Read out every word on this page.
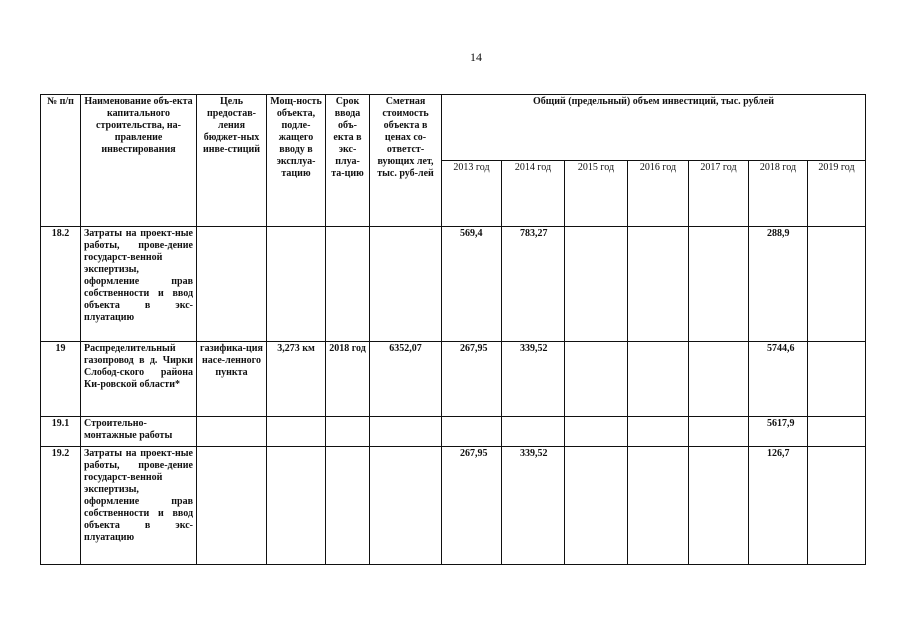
14
№ п/п	Наименование объ-екта капитального строительства, на-правление инвестирования	Цель предостав-ления бюджет-ных инве-стиций	Мощ-ность объекта, подле-жащего вводу в эксплуа-тацию	Срок ввода объ-екта в экс-плуа-та-цию	Сметная стоимость объекта в ценах со-ответст-вующих лет, тыс. руб-лей	Общий (предельный) объем инвестиций, тыс. рублей						
						2013 год	2014 год	2015 год	2016 год	2017 год	2018 год	2019 год
18.2	Затраты на проект-ные работы, прове-дение государст-венной экспертизы, оформление прав собственности и ввод объекта в экс-плуатацию					569,4	783,27				288,9	
19	Распределительный газопровод в д. Чирки Слобод-ского района Ки-ровской области*	газифика-ция насе-ленного пункта	3,273 км	2018 год	6352,07	267,95	339,52				5744,6	
19.1	Строительно-монтажные работы										5617,9	
19.2	Затраты на проект-ные работы, прове-дение государст-венной экспертизы, оформление прав собственности и ввод объекта в экс-плуатацию					267,95	339,52				126,7	
